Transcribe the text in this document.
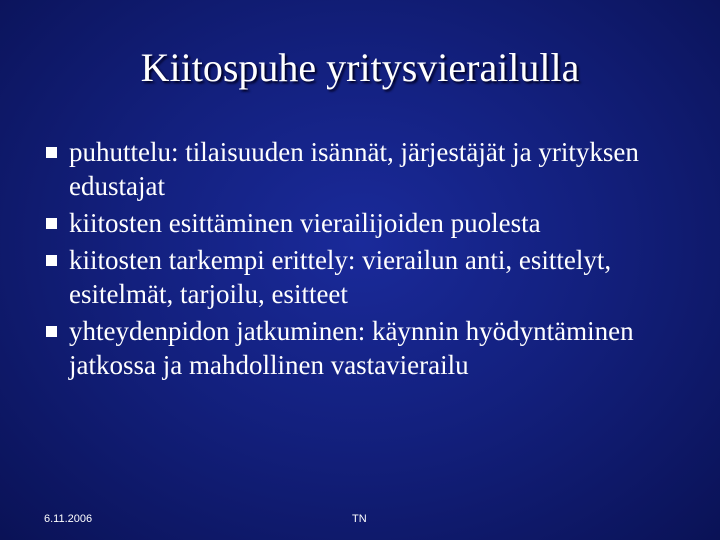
Kiitospuhe yritysvierailulla
puhuttelu: tilaisuuden isännät, järjestäjät ja yrityksen edustajat
kiitosten esittäminen vierailijoiden puolesta
kiitosten tarkempi erittely: vierailun anti, esittelyt, esitelmät, tarjoilu, esitteet
yhteydenpidon jatkuminen: käynnin hyödyntäminen jatkossa ja mahdollinen vastavierailu
6.11.2006	TN
